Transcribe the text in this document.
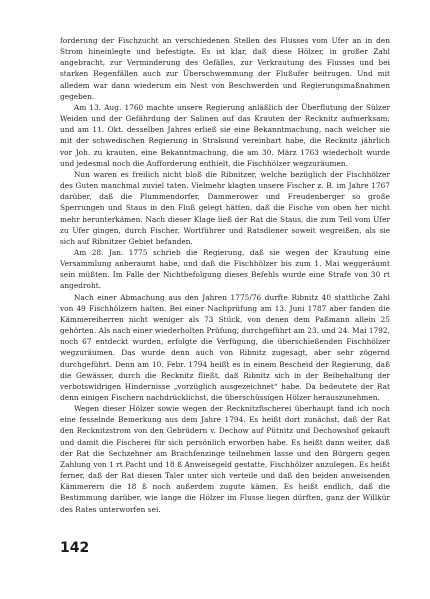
forderung der Fischzucht an verschiedenen Stellen des Flusses vom Ufer an in den Strom hineinlegte und befestigte. Es ist klar, daß diese Hölzer, in großer Zahl angebracht, zur Verminderung des Gefälles, zur Verkrautung des Flusses und bei starken Regenfällen auch zur Überschwemmung der Flußufer beitrugen. Und mit alledem war dann wiederum ein Nest von Beschwerden und Regierungsmaßnahmen gegeben.

Am 13. Aug. 1760 machte unsere Regierung anläßlich der Überflutung der Sülzer Weiden und der Gefährdung der Salinen auf das Krauten der Recknitz aufmerksam; und am 11. Okt. desselben Jahres erließ sie eine Bekanntmachung, nach welcher sie mit der schwedischen Regierung in Stralsund vereinbart habe, die Recknitz jährlich vor Joh. zu krauten, eine Bekanntmachung, die am 30. März 1763 wiederholt wurde und jedesmal noch die Aufforderung enthielt, die Fischhölzer wegzuräumen.

Nun waren es freilich nicht bloß die Ribnitzer, welche bezüglich der Fischhölzer des Guten manchmal zuviel taten. Vielmehr klagten unsere Fischer z. B. im Jahre 1767 darüber, daß die Plummendorfer, Dammerower und Freudenberger so große Sperrungen und Staus in den Fluß gelegt hätten, daß die Fische von oben her nicht mehr herunterkämen. Nach dieser Klage ließ der Rat die Staus, die zum Teil vom Ufer zu Ufer gingen, durch Fischer, Wortführer und Ratsdiener soweit wegreißen, als sie sich auf Ribnitzer Gebiet befanden.

Am 28. Jan. 1775 schrieb die Regierung, daß sie wegen der Krautung eine Versammlung anberaumt habe, und daß die Fischhölzer bis zum 1. Mai weggeräumt sein müßten. Im Falle der Nichtbefolgung dieses Befehls wurde eine Strafe von 30 rt angedroht.

Nach einer Abmachung aus den Jahren 1775/76 durfte Ribnitz 40 stattliche Zahl von 49 Fischhölzern halten. Bei einer Nachprüfung am 13. Juni 1787 aber fanden die Kämmereiherren nicht weniger als 73 Stück, von denen dem Paßmann allein 25 gehörten. Als nach einer wiederholten Prüfung, durchgeführt am 23. und 24. Mai 1792, noch 67 entdeckt wurden, erfolgte die Verfügung, die überschießenden Fischhölzer wegzuräumen. Das wurde denn auch von Ribnitz zugesagt, aber sehr zögernd durchgeführt. Denn am 10. Febr. 1794 heißt es in einem Bescheid der Regierung, daß die Gewässer, durch die Recknitz fließt, daß Ribnitz sich in der Beibehaltung der verbotswidrigen Hindernisse „vorzüglich ausgezeichnet“ habe. Da bedeutete der Rat denn einigen Fischern nachdrücklichst, die überschüssigen Hölzer herauszunehmen.

Wegen dieser Hölzer sowie wegen der Recknitzfischerei überhaupt fand ich noch eine fesselnde Bemerkung aus dem Jahre 1794. Es heißt dort zunächst, daß der Rat den Recknitzstrom von den Gebrüdern v. Dechow auf Pütnitz und Dechowshof gekauft und damit die Fischerei für sich persönlich erworben habe. Es heißt dann weiter, daß der Rat die Sechzehner am Brachfenzinge teilnehmen lasse und den Bürgern gegen Zahlung von 1 rt Pacht und 18 ß Anweisegeld gestatte, Fischhölzer anzulegen. Es heißt ferner, daß der Rat diesen Taler unter sich verteile und daß den beiden anweisenden Kämmerern die 18 ß noch außerdem zugute kämen. Es heißt endlich, daß die Bestimmung darüber, wie lange die Hölzer im Flusse liegen dürften, ganz der Willkür des Rates unterworfen sei.

142
